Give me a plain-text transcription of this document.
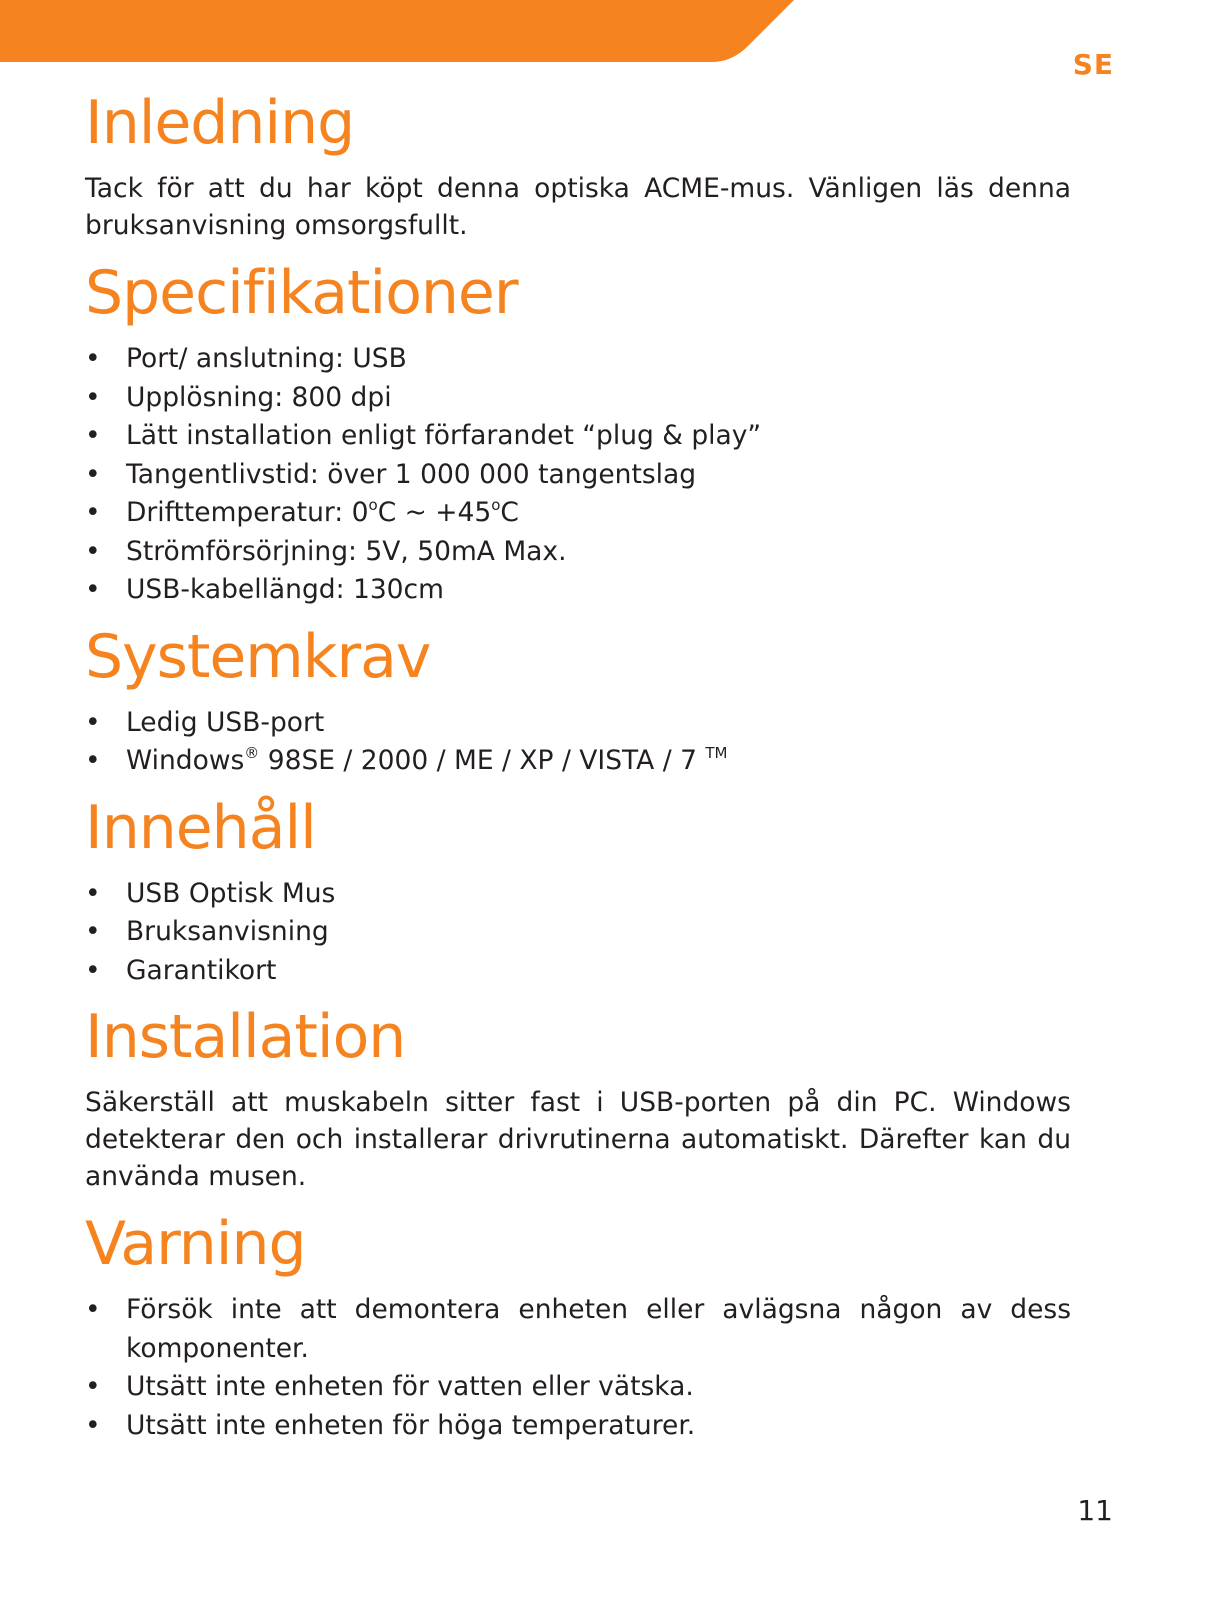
SE
Inledning

Tack för att du har köpt denna optiska ACME-mus. Vänligen läs denna bruksanvisning omsorgsfullt.

Specifikationer
• Port/ anslutning: USB
• Upplösning: 800 dpi
• Lätt installation enligt förfarandet “plug & play”
• Tangentlivstid: över 1 000 000 tangentslag
• Drifttemperatur: 0$^o$C ~ $+45^oC$
• Strömförsörjning: 5V, 50mA Max.
• USB-kabellängd: 130cm
Systemkrav
• Ledig USB-port
• Windows® 98SE / 2000 / ME / XP / VISTA / 7 ™
Innehåll
• USB Optisk Mus
• Bruksanvisning
• Garantikort
Installation

Säkerställ att muskabeln sitter fast i USB-porten på din PC. Windows detekterar den och installerar drivrutinerna automatiskt. Därefter kan du använda musen.

Varning
• Försök inte att demontera enheten eller avlägsna någon av dess komponenter.
• Utsätt inte enheten för vatten eller vätska.
• Utsätt inte enheten för höga temperaturer.
11
